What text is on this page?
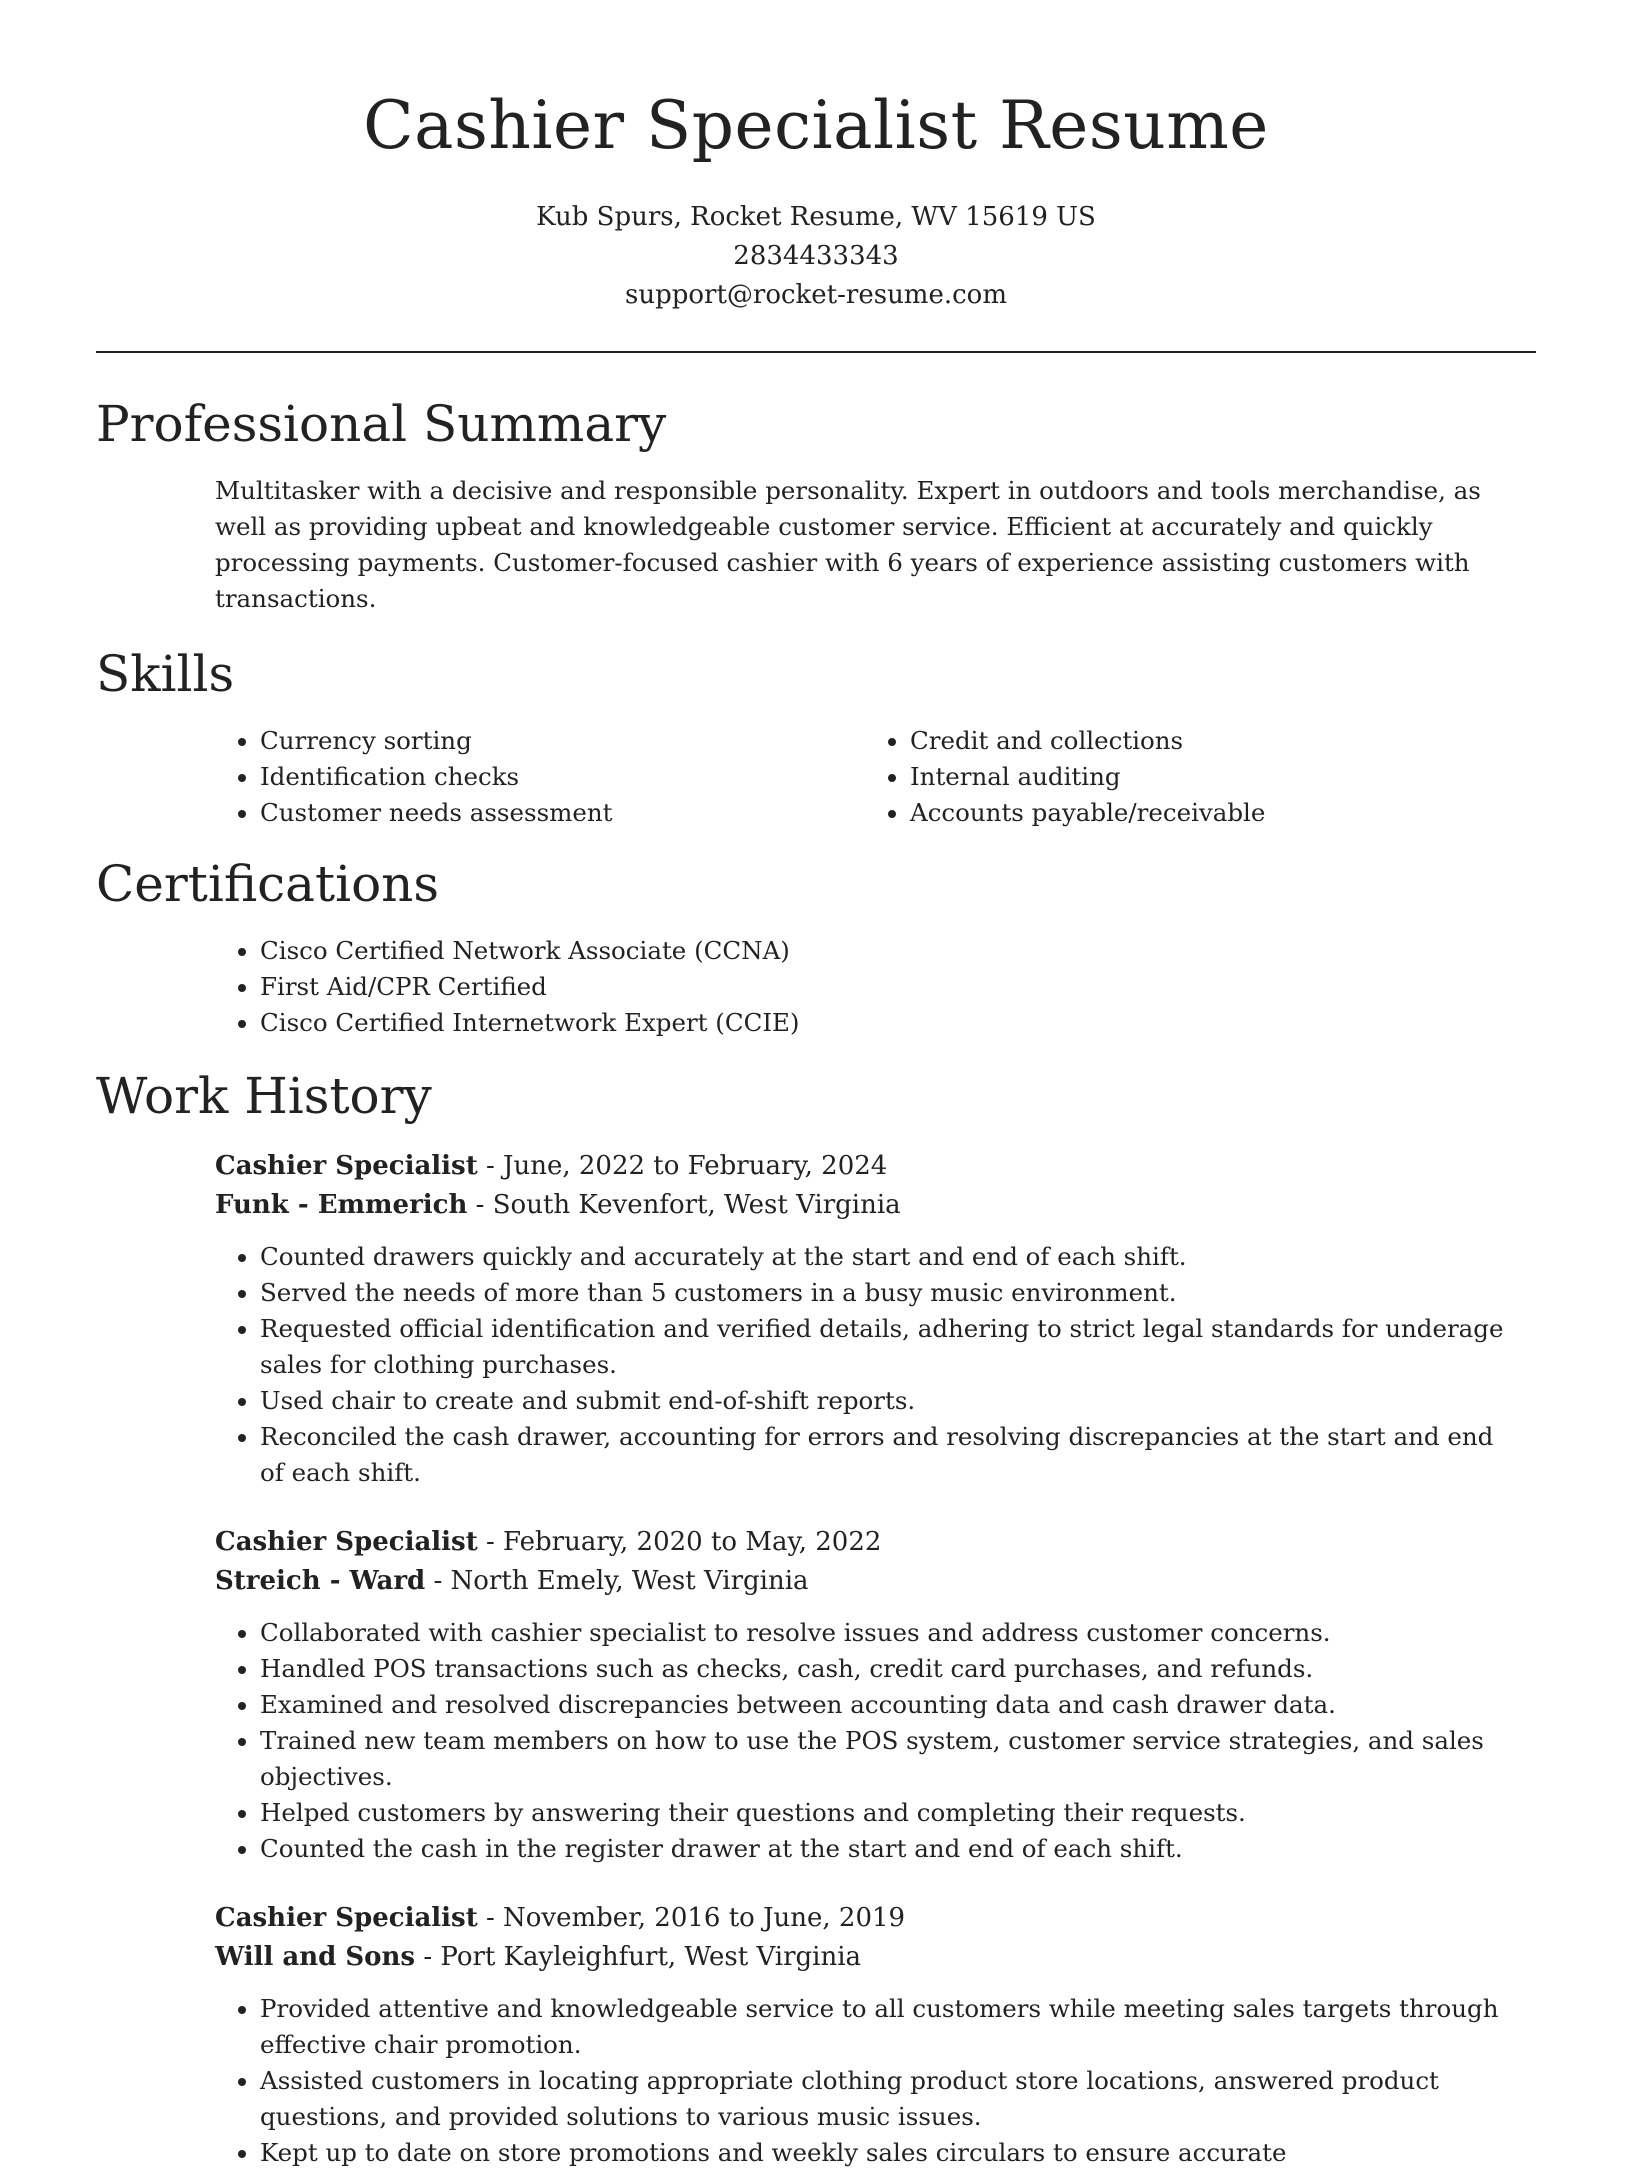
Cashier Specialist Resume
Kub Spurs, Rocket Resume, WV 15619 US
2834433343
support@rocket-resume.com
Professional Summary

Multitasker with a decisive and responsible personality. Expert in outdoors and tools merchandise, as well as providing upbeat and knowledgeable customer service. Efficient at accurately and quickly processing payments. Customer-focused cashier with 6 years of experience assisting customers with transactions.

Skills
• Currency sorting
• Identification checks
• Customer needs assessment
• Credit and collections
• Internal auditing
• Accounts payable/receivable
Certifications
• Cisco Certified Network Associate (CCNA)
• First Aid/CPR Certified
• Cisco Certified Internetwork Expert (CCIE)
Work History
Cashier Specialist - June, 2022 to February, 2024
Funk - Emmerich - South Kevenfort, West Virginia
• Counted drawers quickly and accurately at the start and end of each shift.
• Served the needs of more than 5 customers in a busy music environment.
• Requested official identification and verified details, adhering to strict legal standards for underage sales for clothing purchases.
• Used chair to create and submit end-of-shift reports.
• Reconciled the cash drawer, accounting for errors and resolving discrepancies at the start and end of each shift.
Cashier Specialist - February, 2020 to May, 2022
Streich - Ward - North Emely, West Virginia
• Collaborated with cashier specialist to resolve issues and address customer concerns.
• Handled POS transactions such as checks, cash, credit card purchases, and refunds.
• Examined and resolved discrepancies between accounting data and cash drawer data.
• Trained new team members on how to use the POS system, customer service strategies, and sales objectives.
• Helped customers by answering their questions and completing their requests.
• Counted the cash in the register drawer at the start and end of each shift.
Cashier Specialist - November, 2016 to June, 2019
Will and Sons - Port Kayleighfurt, West Virginia
• Provided attentive and knowledgeable service to all customers while meeting sales targets through effective chair promotion.
• Assisted customers in locating appropriate clothing product store locations, answered product questions, and provided solutions to various music issues.
• Kept up to date on store promotions and weekly sales circulars to ensure accurate
